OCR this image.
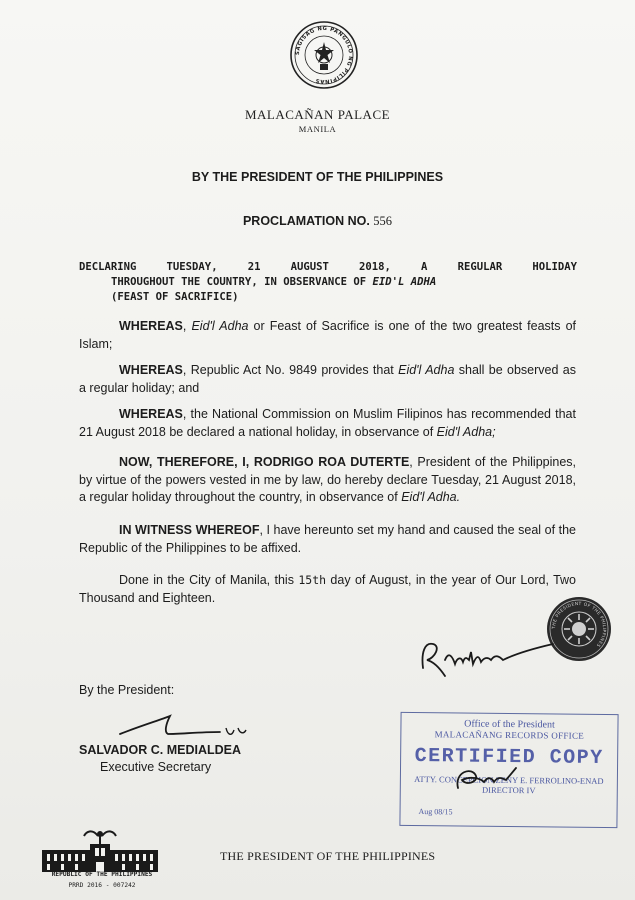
SAGISAG NG PANGULO NG PILIPINAS
MALACAÑAN PALACE
MANILA
BY THE PRESIDENT OF THE PHILIPPINES
PROCLAMATION NO. 556
DECLARING TUESDAY, 21 AUGUST 2018, A REGULAR HOLIDAY
THROUGHOUT THE COUNTRY, IN OBSERVANCE OF EID'L ADHA
(FEAST OF SACRIFICE)
WHEREAS, Eid'l Adha or Feast of Sacrifice is one of the two greatest feasts of Islam;
WHEREAS, Republic Act No. 9849 provides that Eid'l Adha shall be observed as a regular holiday; and
WHEREAS, the National Commission on Muslim Filipinos has recommended that 21 August 2018 be declared a national holiday, in observance of Eid'l Adha;
NOW, THEREFORE, I, RODRIGO ROA DUTERTE, President of the Philippines, by virtue of the powers vested in me by law, do hereby declare Tuesday, 21 August 2018, a regular holiday throughout the country, in observance of Eid'l Adha.
IN WITNESS WHEREOF, I have hereunto set my hand and caused the seal of the Republic of the Philippines to be affixed.
Done in the City of Manila, this 15th day of August, in the year of Our Lord, Two Thousand and Eighteen.
THE PRESIDENT OF THE PHILIPPINES
By the President:
SALVADOR C. MEDIALDEA
Executive Secretary
Office of the President
MALACAÑANG RECORDS OFFICE
CERTIFIED COPY
ATTY. CONCEPCION ZENY E. FERROLINO-ENAD
DIRECTOR IV
Aug 08/15
REPUBLIC OF THE PHILIPPINES
PRRD 2016 - 007242
THE PRESIDENT OF THE PHILIPPINES
